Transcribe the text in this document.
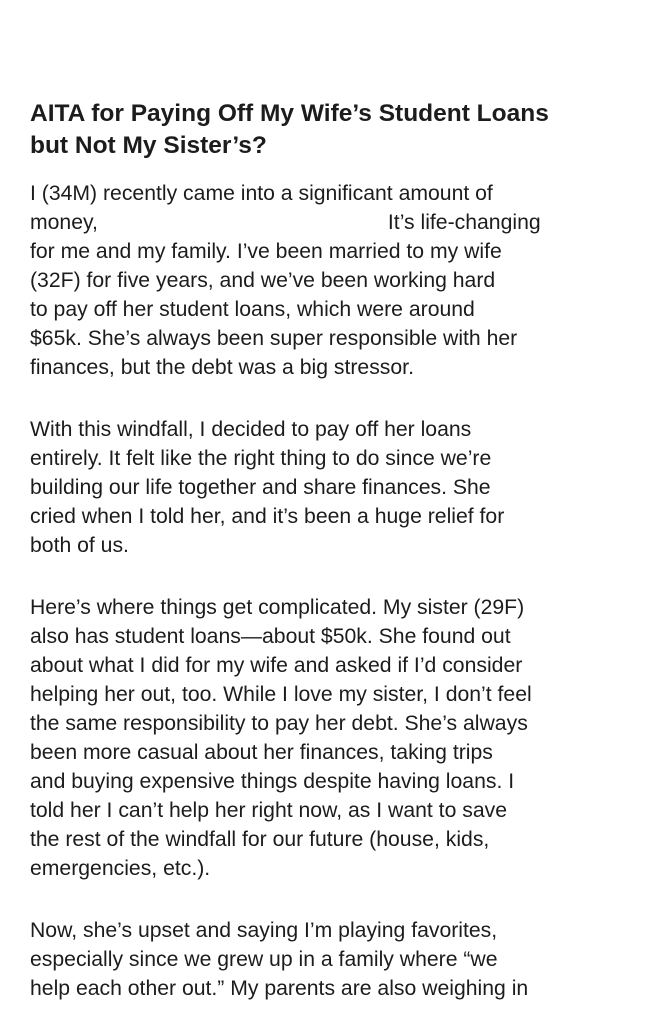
AITA for Paying Off My Wife’s Student Loans
but Not My Sister’s?

I (34M) recently came into a significant amount of
money,	It’s life-changing
for me and my family. I’ve been married to my wife
(32F) for five years, and we’ve been working hard
to pay off her student loans, which were around
$65k. She’s always been super responsible with her
finances, but the debt was a big stressor.

With this windfall, I decided to pay off her loans
entirely. It felt like the right thing to do since we’re
building our life together and share finances. She
cried when I told her, and it’s been a huge relief for
both of us.

Here’s where things get complicated. My sister (29F)
also has student loans—about $50k. She found out
about what I did for my wife and asked if I’d consider
helping her out, too. While I love my sister, I don’t feel
the same responsibility to pay her debt. She’s always
been more casual about her finances, taking trips
and buying expensive things despite having loans. I
told her I can’t help her right now, as I want to save
the rest of the windfall for our future (house, kids,
emergencies, etc.).

Now, she’s upset and saying I’m playing favorites,
especially since we grew up in a family where “we
help each other out.” My parents are also weighing in
